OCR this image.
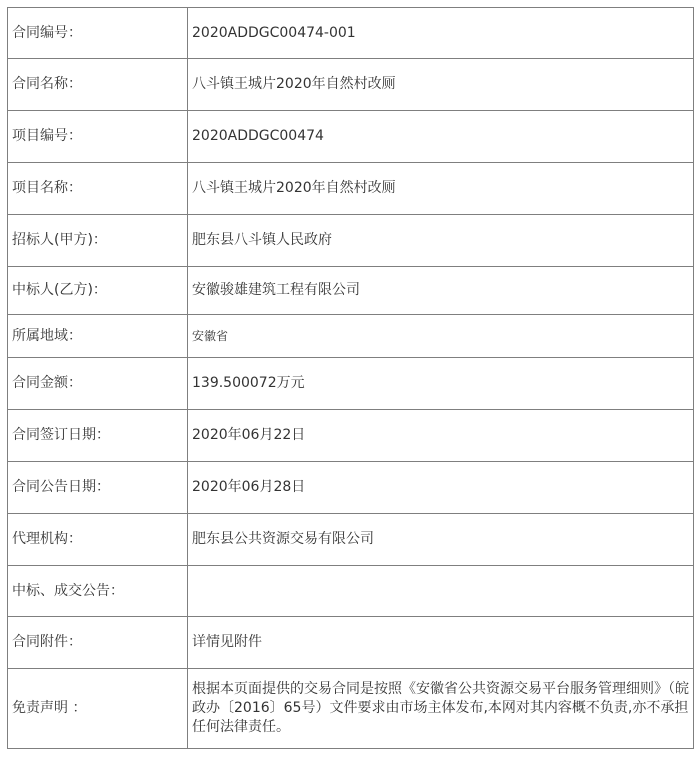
合同编号：	2020ADDGC00474-001
合同名称：	八斗镇王城片2020年自然村改厕
项目编号：	2020ADDGC00474
项目名称：	八斗镇王城片2020年自然村改厕
招标人(甲方)：	肥东县八斗镇人民政府
中标人(乙方)：	安徽骏雄建筑工程有限公司
所属地域：	安徽省
合同金额：	139.500072万元
合同签订日期：	2020年06月22日
合同公告日期：	2020年06月28日
代理机构：	肥东县公共资源交易有限公司
中标、成交公告：	
合同附件：	详情见附件
免责声明 ：	根据本页面提供的交易合同是按照《安徽省公共资源交易平台服务管理细则》（皖政办〔2016〕65号）文件要求由市场主体发布,本网对其内容概不负责,亦不承担任何法律责任。
